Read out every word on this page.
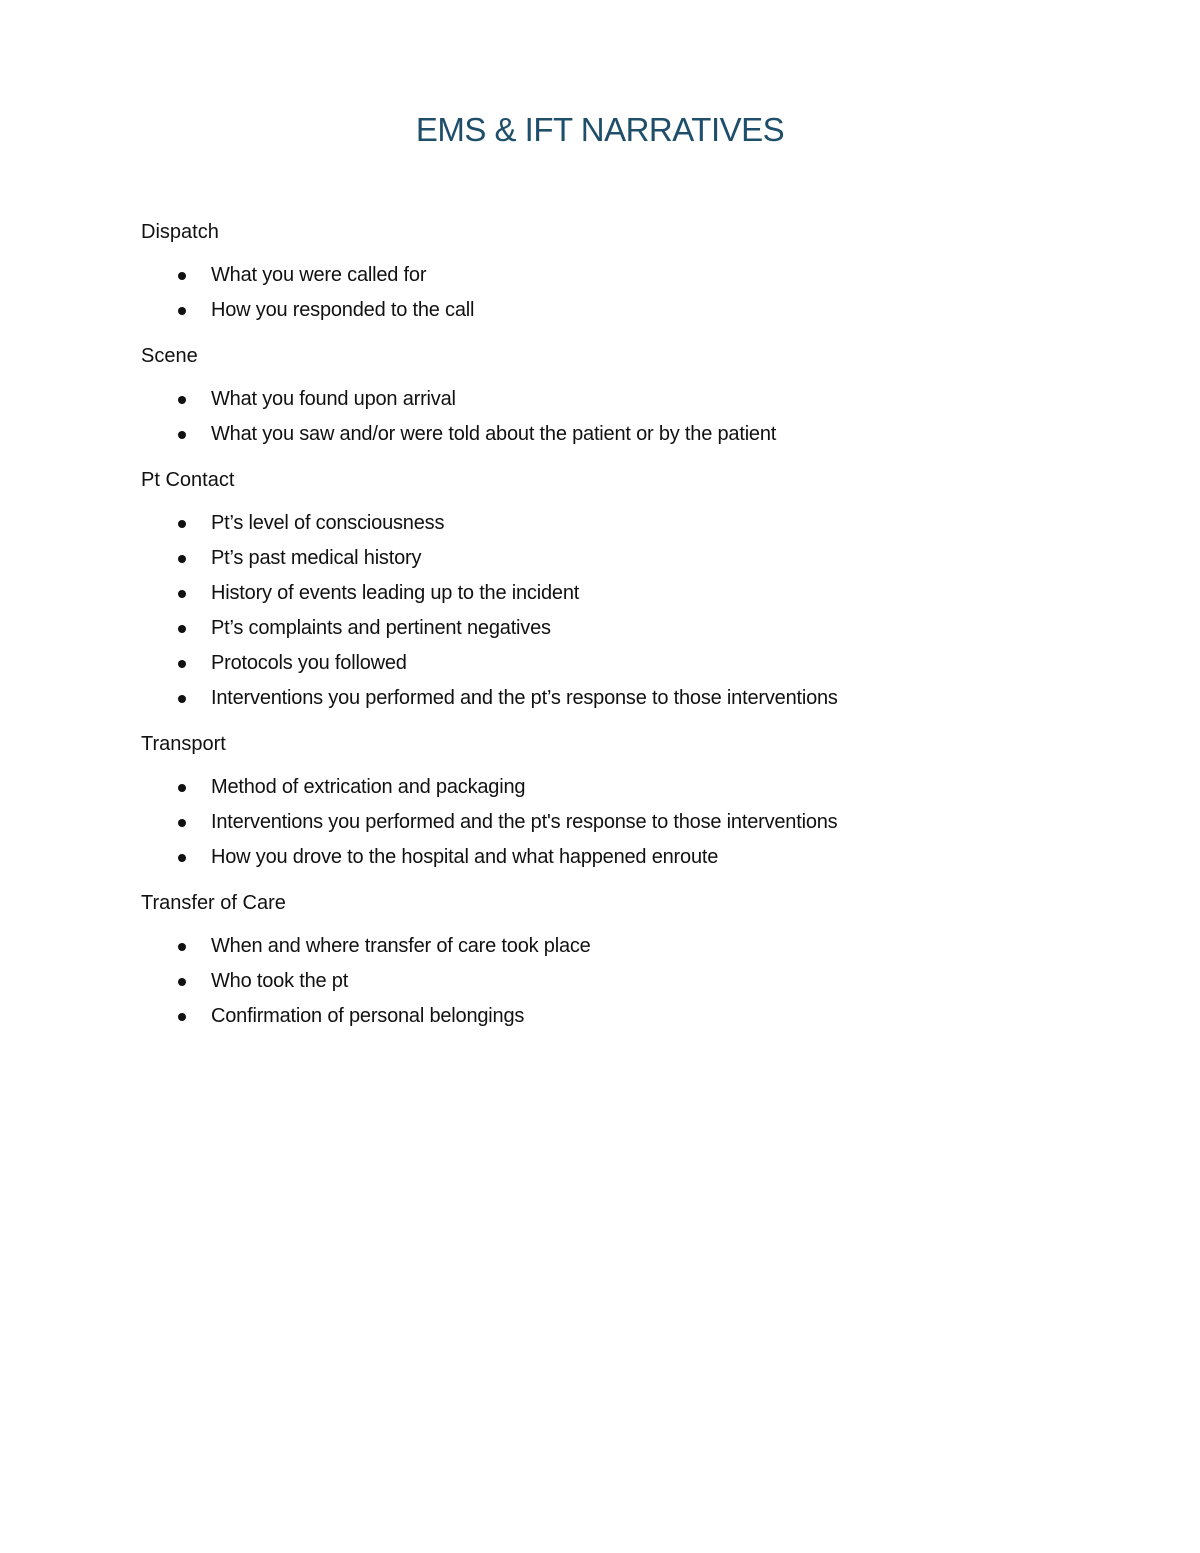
EMS & IFT NARRATIVES
Dispatch
What you were called for
How you responded to the call
Scene
What you found upon arrival
What you saw and/or were told about the patient or by the patient
Pt Contact
Pt’s level of consciousness
Pt’s past medical history
History of events leading up to the incident
Pt’s complaints and pertinent negatives
Protocols you followed
Interventions you performed and the pt’s response to those interventions
Transport
Method of extrication and packaging
Interventions you performed and the pt's response to those interventions
How you drove to the hospital and what happened enroute
Transfer of Care
When and where transfer of care took place
Who took the pt
Confirmation of personal belongings
